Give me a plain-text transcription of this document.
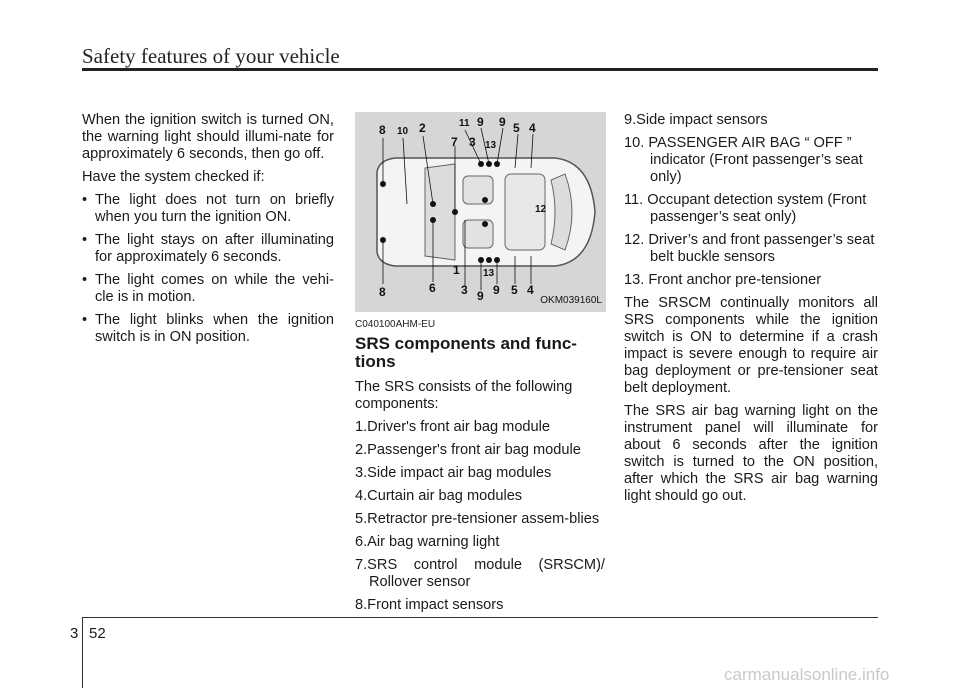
Safety features of your vehicle

When the ignition switch is turned ON, the warning light should illumi-nate for approximately 6 seconds, then go off.

Have the system checked if:

• The light does not turn on briefly when you turn the ignition ON.
• The light stays on after illuminating for approximately 6 seconds.
• The light comes on while the vehi-cle is in motion.
• The light blinks when the ignition switch is in ON position.
8 10 2	11 9 9
3 13
5 4
7
12
1 13
8	6 3 9 9 5 4
OKM039160L

C040100AHM-EU

SRS components and func-tions

The SRS consists of the following components:

1.Driver's front air bag module

2.Passenger's front air bag module

3.Side impact air bag modules

4.Curtain air bag modules

5.Retractor pre-tensioner assem-blies

6.Air bag warning light

7.SRS control module (SRSCM)/ Rollover sensor

8.Front impact sensors

9.Side impact sensors

10. PASSENGER AIR BAG “ OFF ” indicator (Front passenger’s seat only)

11. Occupant detection system (Front passenger’s seat only)

12. Driver’s and front passenger’s seat belt buckle sensors

13. Front anchor pre-tensioner

The SRSCM continually monitors all SRS components while the ignition switch is ON to determine if a crash impact is severe enough to require air bag deployment or pre-tensioner seat belt deployment.

The SRS air bag warning light on the instrument panel will illuminate for about 6 seconds after the ignition switch is turned to the ON position, after which the SRS air bag warning light should go out.

3 52
carmanualsonline.info
